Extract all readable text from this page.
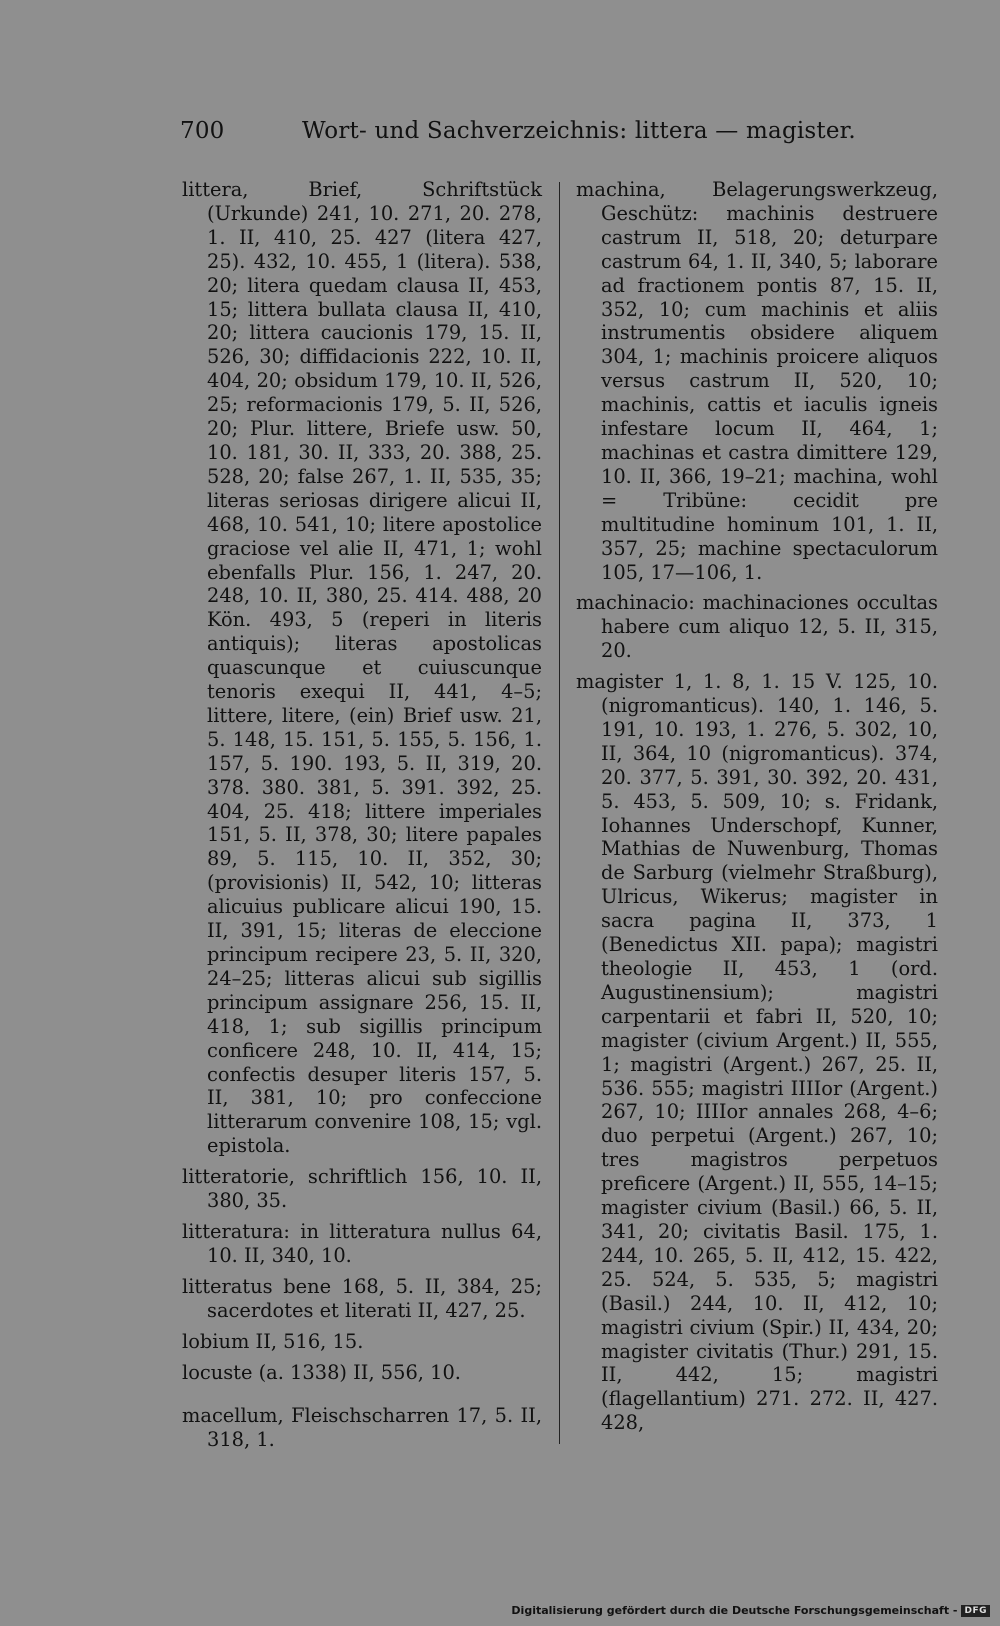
700	Wort- und Sachverzeichnis: littera — magister.

littera, Brief, Schriftstück (Urkunde) 241, 10. 271, 20. 278, 1. II, 410, 25. 427 (litera 427, 25). 432, 10. 455, 1 (litera). 538, 20; litera quedam clausa II, 453, 15; littera bullata clausa II, 410, 20; littera caucionis 179, 15. II, 526, 30; diffidacionis 222, 10. II, 404, 20; obsidum 179, 10. II, 526, 25; reformacionis 179, 5. II, 526, 20; Plur. littere, Briefe usw. 50, 10. 181, 30. II, 333, 20. 388, 25. 528, 20; false 267, 1. II, 535, 35; literas seriosas dirigere alicui II, 468, 10. 541, 10; litere apostolice graciose vel alie II, 471, 1; wohl ebenfalls Plur. 156, 1. 247, 20. 248, 10. II, 380, 25. 414. 488, 20 Kön. 493, 5 (reperi in literis antiquis); literas apostolicas quascunque et cuiuscunque tenoris exequi II, 441, 4–5; littere, litere, (ein) Brief usw. 21, 5. 148, 15. 151, 5. 155, 5. 156, 1. 157, 5. 190. 193, 5. II, 319, 20. 378. 380. 381, 5. 391. 392, 25. 404, 25. 418; littere imperiales 151, 5. II, 378, 30; litere papales 89, 5. 115, 10. II, 352, 30; (provisionis) II, 542, 10; litteras alicuius publicare alicui 190, 15. II, 391, 15; literas de eleccione principum recipere 23, 5. II, 320, 24–25; litteras alicui sub sigillis principum assignare 256, 15. II, 418, 1; sub sigillis principum conficere 248, 10. II, 414, 15; confectis desuper literis 157, 5. II, 381, 10; pro confeccione litterarum convenire 108, 15; vgl. epistola.

litteratorie, schriftlich 156, 10. II, 380, 35.

litteratura: in litteratura nullus 64, 10. II, 340, 10.

litteratus bene 168, 5. II, 384, 25; sacerdotes et literati II, 427, 25.

lobium II, 516, 15.

locuste (a. 1338) II, 556, 10.

macellum, Fleischscharren 17, 5. II, 318, 1.

machina, Belagerungswerkzeug, Geschütz: machinis destruere castrum II, 518, 20; deturpare castrum 64, 1. II, 340, 5; laborare ad fractionem pontis 87, 15. II, 352, 10; cum machinis et aliis instrumentis obsidere aliquem 304, 1; machinis proicere aliquos versus castrum II, 520, 10; machinis, cattis et iaculis igneis infestare locum II, 464, 1; machinas et castra dimittere 129, 10. II, 366, 19–21; machina, wohl = Tribüne: cecidit pre multitudine hominum 101, 1. II, 357, 25; machine spectaculorum 105, 17—106, 1.

machinacio: machinaciones occultas habere cum aliquo 12, 5. II, 315, 20.

magister 1, 1. 8, 1. 15 V. 125, 10. (nigromanticus). 140, 1. 146, 5. 191, 10. 193, 1. 276, 5. 302, 10, II, 364, 10 (nigromanticus). 374, 20. 377, 5. 391, 30. 392, 20. 431, 5. 453, 5. 509, 10; s. Fridank, Iohannes Underschopf, Kunner, Mathias de Nuwenburg, Thomas de Sarburg (vielmehr Straßburg), Ulricus, Wikerus; magister in sacra pagina II, 373, 1 (Benedictus XII. papa); magistri theologie II, 453, 1 (ord. Augustinensium); magistri carpentarii et fabri II, 520, 10; magister (civium Argent.) II, 555, 1; magistri (Argent.) 267, 25. II, 536. 555; magistri IIIIor (Argent.) 267, 10; IIIIor annales 268, 4–6; duo perpetui (Argent.) 267, 10; tres magistros perpetuos preficere (Argent.) II, 555, 14–15; magister civium (Basil.) 66, 5. II, 341, 20; civitatis Basil. 175, 1. 244, 10. 265, 5. II, 412, 15. 422, 25. 524, 5. 535, 5; magistri (Basil.) 244, 10. II, 412, 10; magistri civium (Spir.) II, 434, 20; magister civitatis (Thur.) 291, 15. II, 442, 15; magistri (flagellantium) 271. 272. II, 427. 428,

Digitalisierung gefördert durch die Deutsche Forschungsgemeinschaft - DFG
